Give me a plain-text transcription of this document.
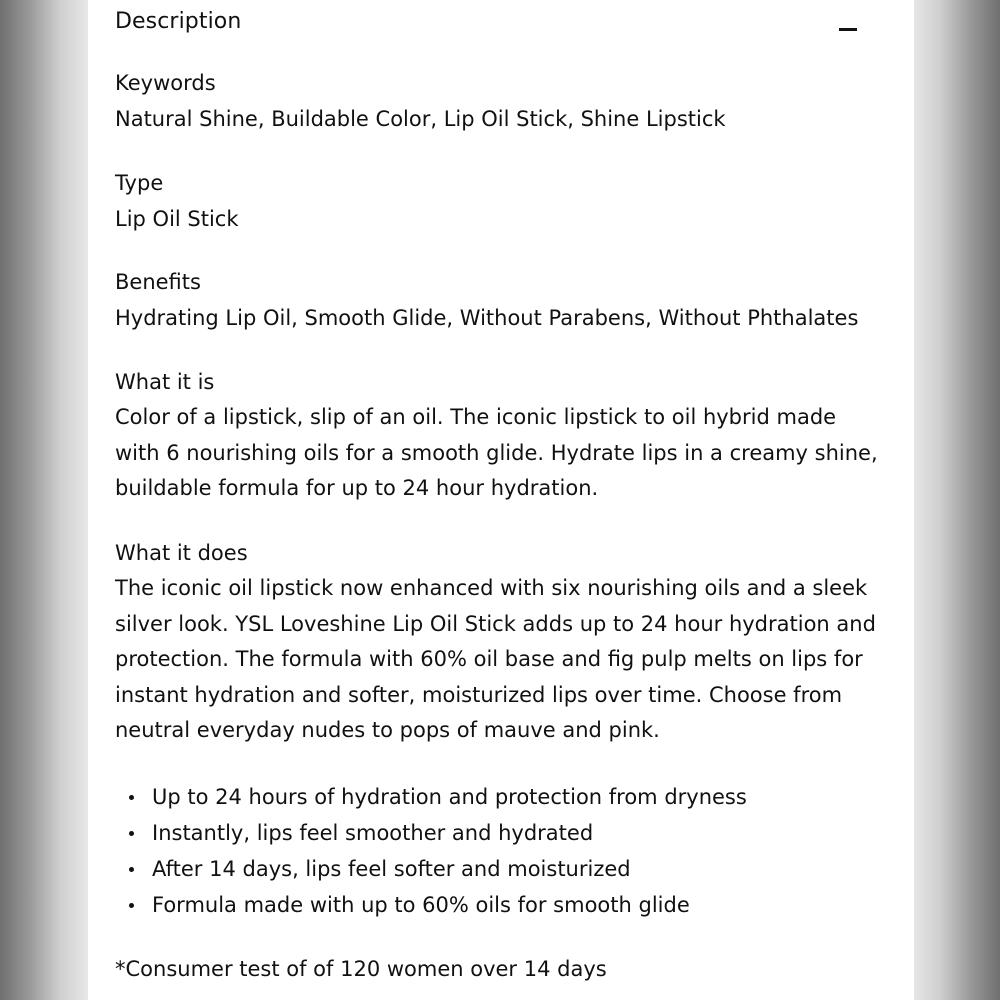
Description
Keywords
Natural Shine, Buildable Color, Lip Oil Stick, Shine Lipstick
Type
Lip Oil Stick
Benefits
Hydrating Lip Oil, Smooth Glide, Without Parabens, Without Phthalates
What it is
Color of a lipstick, slip of an oil. The iconic lipstick to oil hybrid made
with 6 nourishing oils for a smooth glide. Hydrate lips in a creamy shine,
buildable formula for up to 24 hour hydration.
What it does
The iconic oil lipstick now enhanced with six nourishing oils and a sleek
silver look. YSL Loveshine Lip Oil Stick adds up to 24 hour hydration and
protection. The formula with 60% oil base and fig pulp melts on lips for
instant hydration and softer, moisturized lips over time. Choose from
neutral everyday nudes to pops of mauve and pink.
Up to 24 hours of hydration and protection from dryness
Instantly, lips feel smoother and hydrated
After 14 days, lips feel softer and moisturized
Formula made with up to 60% oils for smooth glide
*Consumer test of of 120 women over 14 days
